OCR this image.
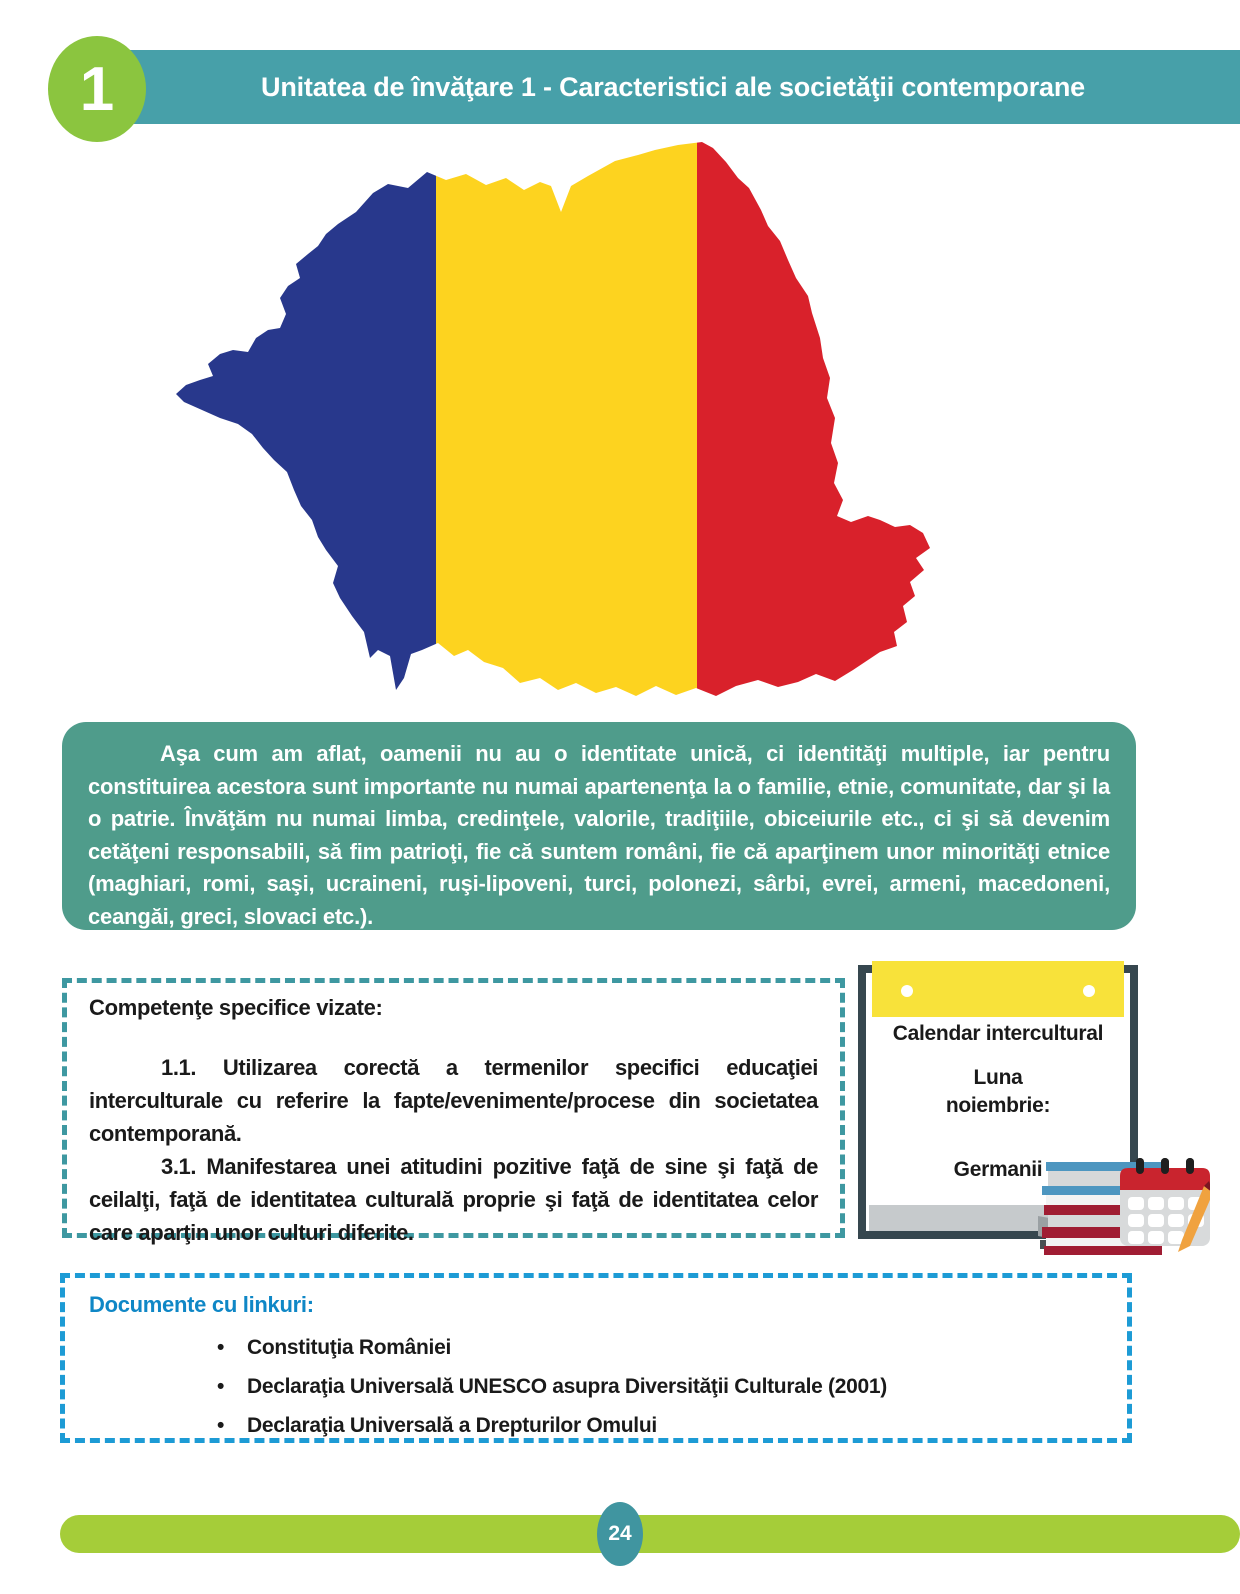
Unitatea de învăţare 1 - Caracteristici ale societăţii contemporane
1

Aşa cum am aflat, oamenii nu au o identitate unică, ci identităţi multiple, iar pentru constituirea acestora sunt importante nu numai apartenenţa la o familie, etnie, comunitate, dar şi la o patrie. Învăţăm nu numai limba, credinţele, valorile, tradiţiile, obiceiurile etc., ci şi să devenim cetăţeni responsabili, să fim patrioţi, fie că suntem români, fie că aparţinem unor minorităţi etnice (maghiari, romi, saşi, ucraineni, ruşi-lipoveni, turci, polonezi, sârbi, evrei, armeni, macedoneni, ceangăi, greci, slovaci etc.).

Competenţe specifice vizate:

1.1. Utilizarea corectă a termenilor specifici educaţiei interculturale cu referire la fapte/evenimente/procese din societatea contemporană.

3.1. Manifestarea unei atitudini pozitive faţă de sine şi faţă de ceilalţi, faţă de identitatea culturală proprie şi faţă de identitatea celor care aparţin unor culturi diferite.

Calendar intercultural
Luna
noiembrie:
Germanii

Documente cu linkuri:

• Constituţia României
• Declaraţia Universală UNESCO asupra Diversităţii Culturale (2001)
• Declaraţia Universală a Drepturilor Omului
24
